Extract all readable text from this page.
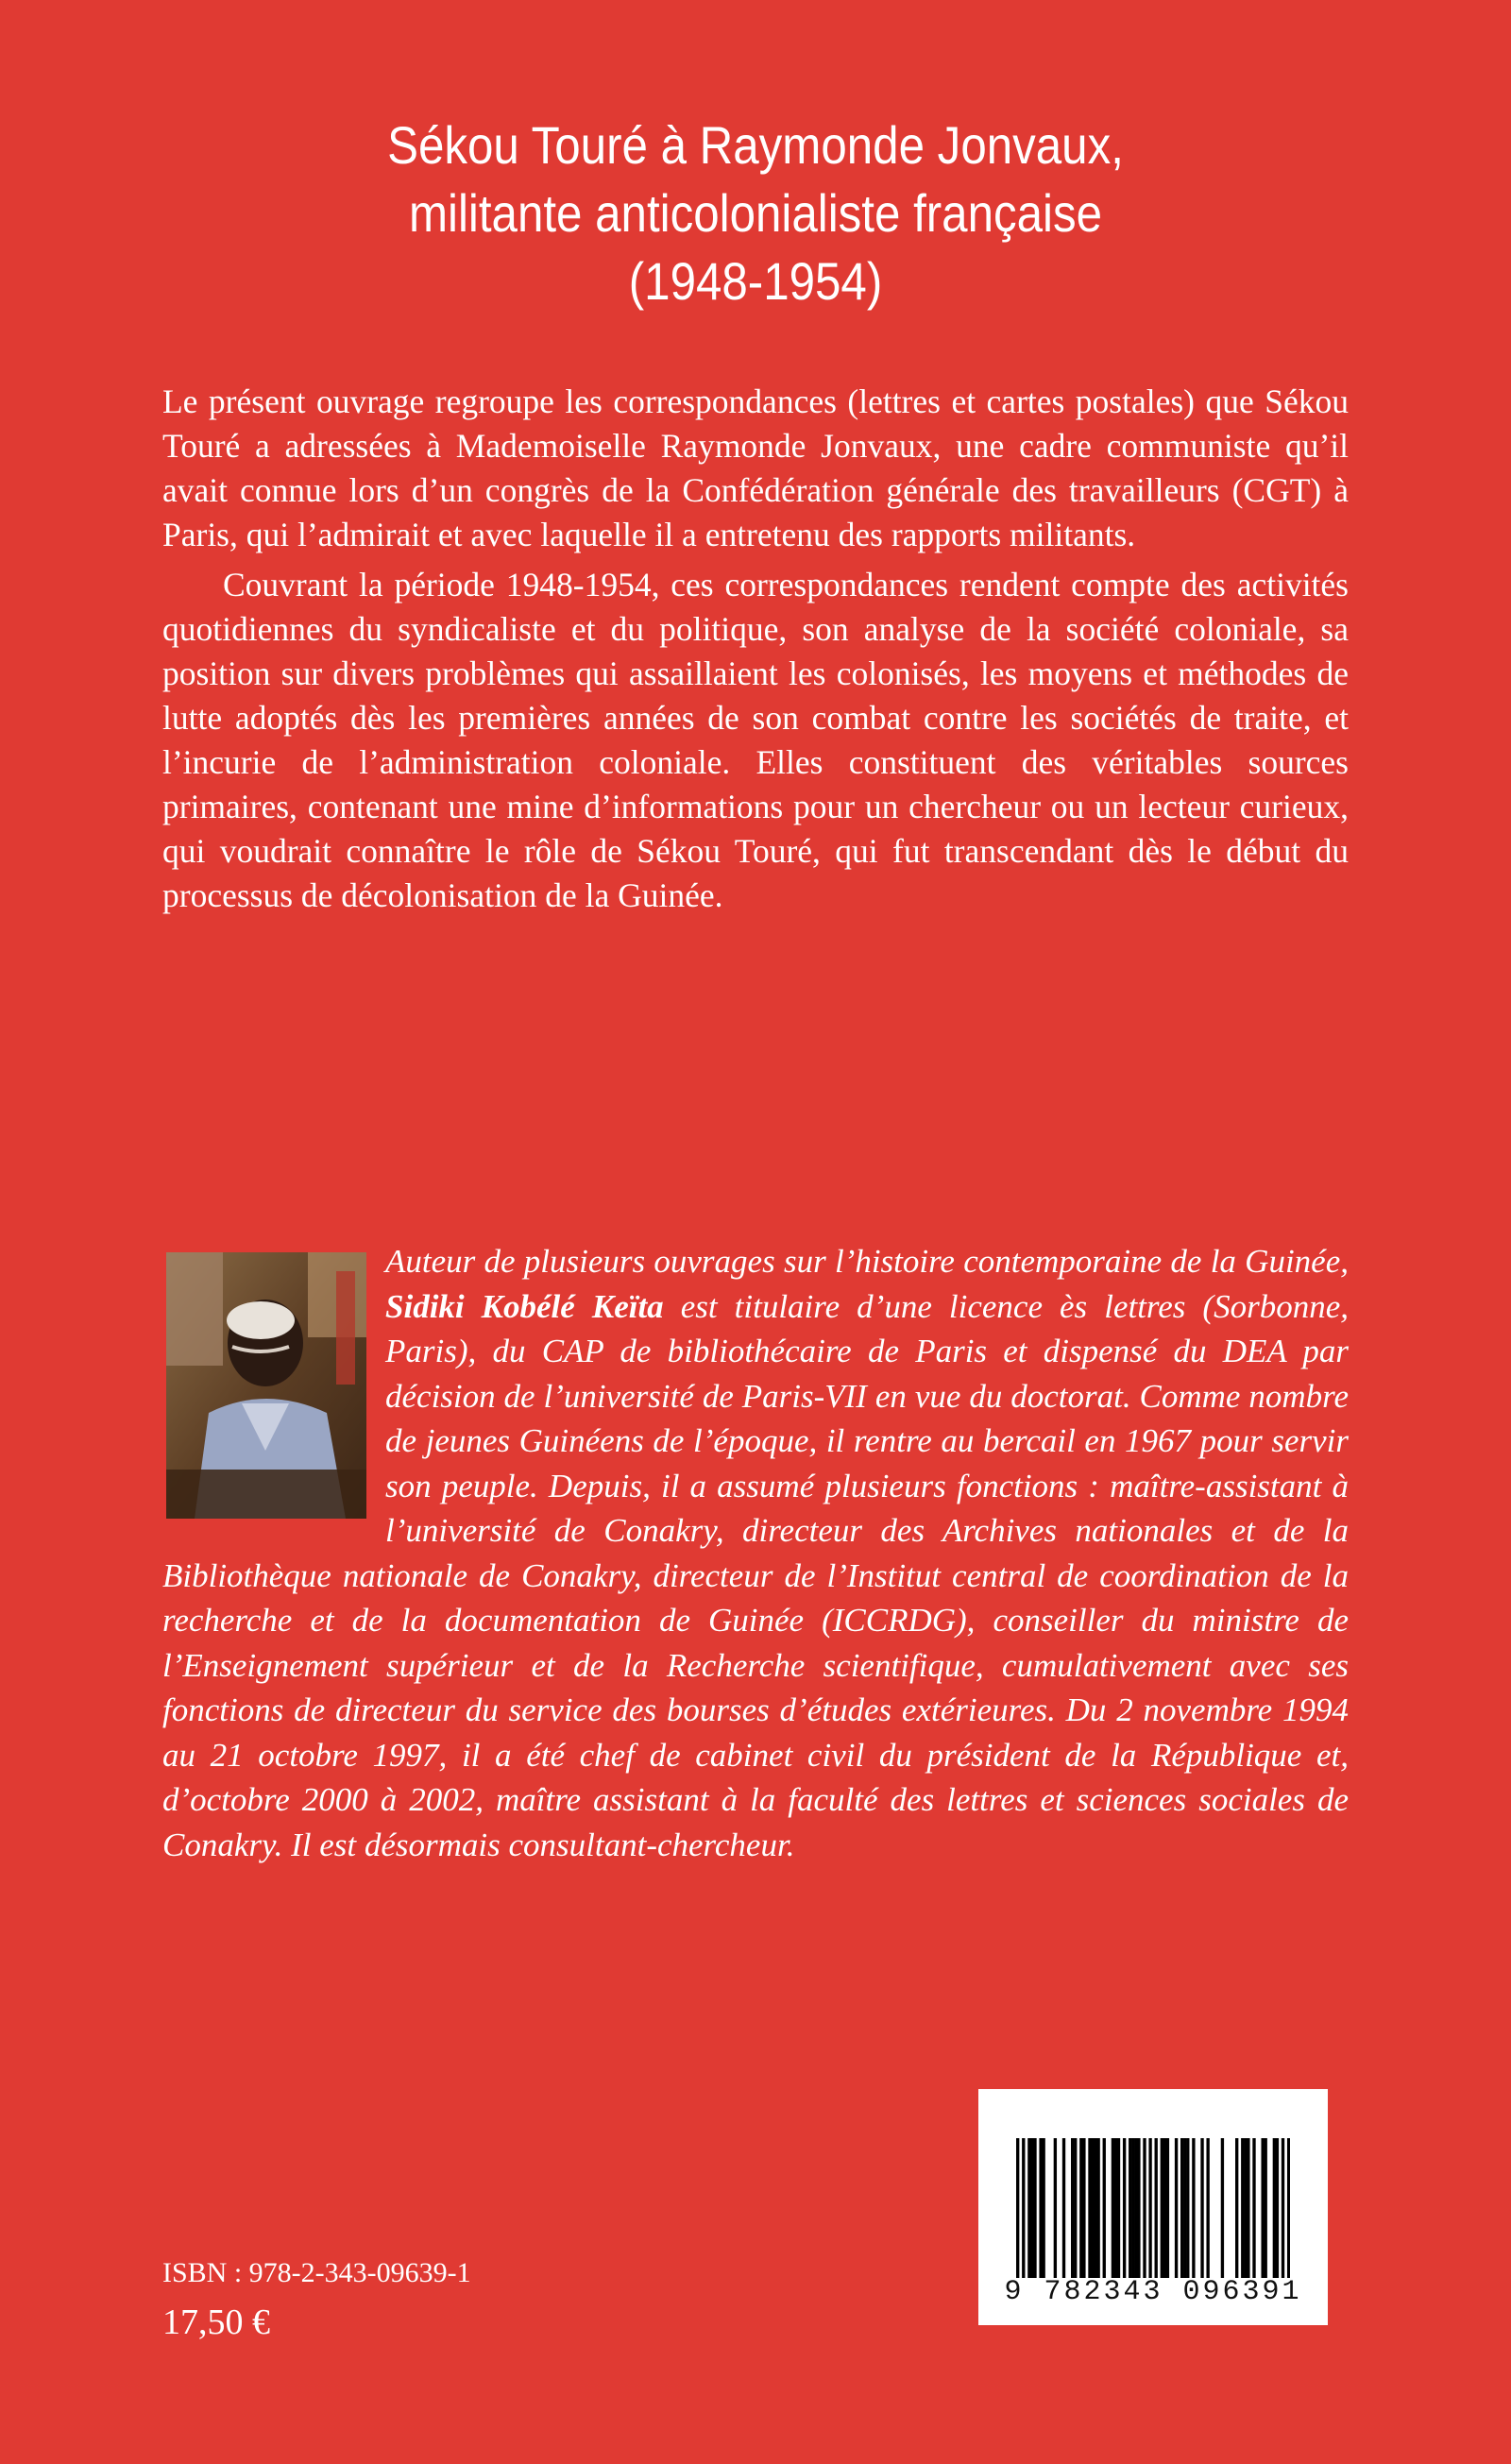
Sékou Touré à Raymonde Jonvaux,
militante anticolonialiste française
(1948-1954)

Le présent ouvrage regroupe les correspondances (lettres et cartes postales) que Sékou Touré a adressées à Mademoiselle Raymonde Jonvaux, une cadre communiste qu’il avait connue lors d’un congrès de la Confédération générale des travailleurs (CGT) à Paris, qui l’admirait et avec laquelle il a entretenu des rapports militants.

Couvrant la période 1948-1954, ces correspondances rendent compte des activités quotidiennes du syndicaliste et du politique, son analyse de la société coloniale, sa position sur divers problèmes qui assaillaient les colonisés, les moyens et méthodes de lutte adoptés dès les premières années de son combat contre les sociétés de traite, et l’incurie de l’administration coloniale. Elles constituent des véritables sources primaires, contenant une mine d’informations pour un chercheur ou un lecteur curieux, qui voudrait connaître le rôle de Sékou Touré, qui fut transcendant dès le début du processus de décolonisation de la Guinée.

Auteur de plusieurs ouvrages sur l’histoire contemporaine de la Guinée, Sidiki Kobélé Keïta est titulaire d’une licence ès lettres (Sorbonne, Paris), du CAP de bibliothécaire de Paris et dispensé du DEA par décision de l’université de Paris-VII en vue du doctorat. Comme nombre de jeunes Guinéens de l’époque, il rentre au bercail en 1967 pour servir son peuple. Depuis, il a assumé plusieurs fonctions : maître-assistant à l’université de Conakry, directeur des Archives nationales et de la Bibliothèque nationale de Conakry, directeur de l’Institut central de coordination de la recherche et de la documentation de Guinée (ICCRDG), conseiller du ministre de l’Enseignement supérieur et de la Recherche scientifique, cumulativement avec ses fonctions de directeur du service des bourses d’études extérieures. Du 2 novembre 1994 au 21 octobre 1997, il a été chef de cabinet civil du président de la République et, d’octobre 2000 à 2002, maître assistant à la faculté des lettres et sciences sociales de Conakry. Il est désormais consultant-chercheur.

ISBN : 978-2-343-09639-1
17,50 €
9 782343 096391
